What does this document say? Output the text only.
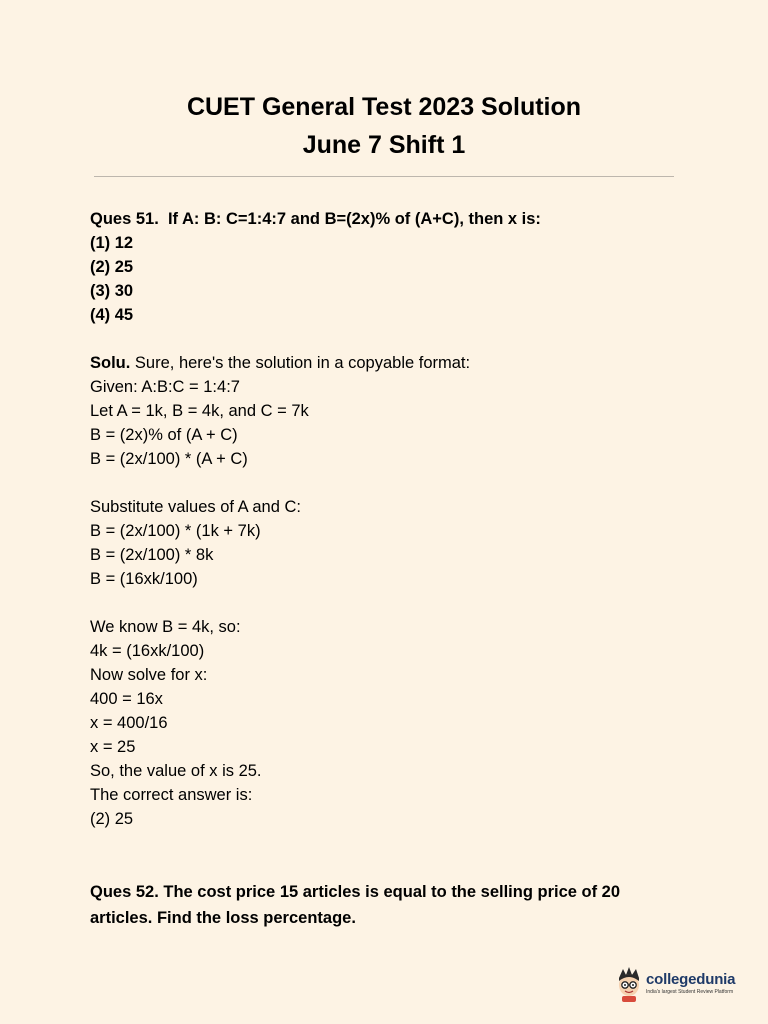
CUET General Test 2023 Solution
June 7 Shift 1
Ques 51.  If A: B: C=1:4:7 and B=(2x)% of (A+C), then x is:
(1) 12
(2) 25
(3) 30
(4) 45
Solu. Sure, here's the solution in a copyable format:
Given: A:B:C = 1:4:7
Let A = 1k, B = 4k, and C = 7k
B = (2x)% of (A + C)
B = (2x/100) * (A + C)
Substitute values of A and C:
B = (2x/100) * (1k + 7k)
B = (2x/100) * 8k
B = (16xk/100)
We know B = 4k, so:
4k = (16xk/100)
Now solve for x:
400 = 16x
x = 400/16
x = 25
So, the value of x is 25.
The correct answer is:
(2) 25
Ques 52. The cost price 15 articles is equal to the selling price of 20 articles. Find the loss percentage.
collegedunia
India's largest Student Review Platform
